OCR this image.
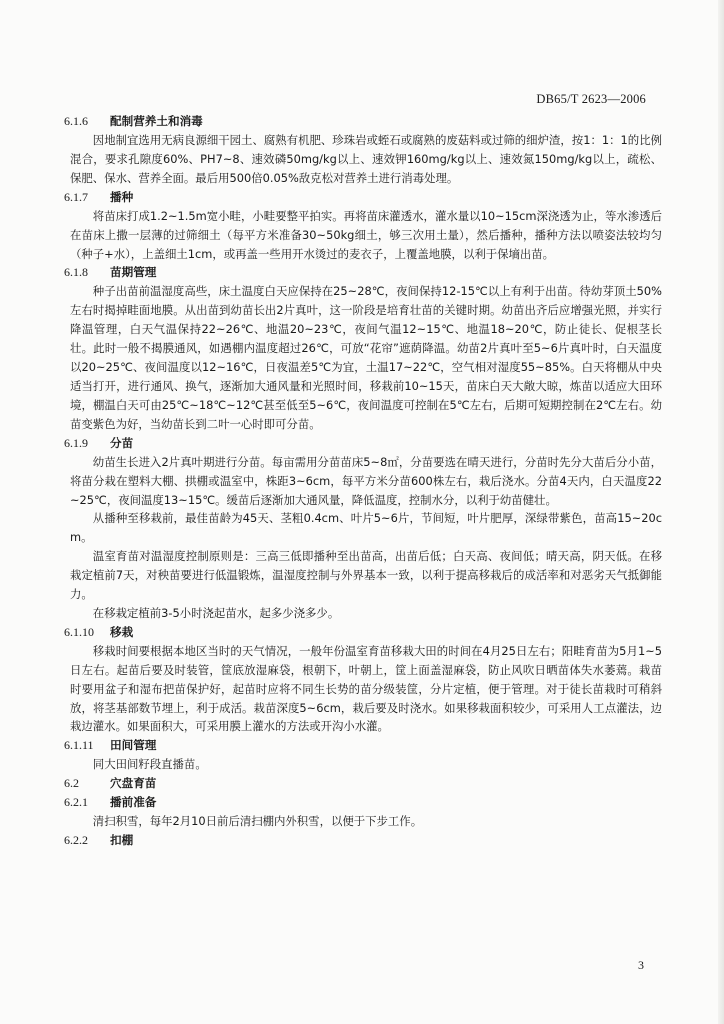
DB65/T 2623—2006
6.1.6 配制营养土和消毒

因地制宜选用无病良源细干园土、腐熟有机肥、珍珠岩或蛭石或腐熟的废菇料或过筛的细炉渣，按1：1：1的比例混合，要求孔隙度60%、PH7~8、速效磷50mg/kg以上、速效钾160mg/kg以上、速效氮150mg/kg以上，疏松、保肥、保水、营养全面。最后用500倍0.05%敌克松对营养土进行消毒处理。

6.1.7 播种

将苗床打成1.2~1.5m宽小畦，小畦要整平拍实。再将苗床灌透水，灌水量以10~15cm深浇透为止，等水渗透后在苗床上撒一层薄的过筛细土（每平方米准备30~50kg细土，够三次用土量），然后播种，播种方法以喷姿法较均匀（种子+水），上盖细土1cm，或再盖一些用开水烫过的麦衣子，上覆盖地膜，以利于保墒出苗。

6.1.8 苗期管理

种子出苗前温湿度高些，床土温度白天应保持在25~28℃，夜间保持12-15℃以上有利于出苗。待幼芽顶土50%左右时揭掉畦面地膜。从出苗到幼苗长出2片真叶，这一阶段是培育壮苗的关键时期。幼苗出齐后应增强光照，并实行降温管理，白天气温保持22~26℃、地温20~23℃，夜间气温12~15℃、地温18~20℃，防止徒长、促根茎长壮。此时一般不揭膜通风，如遇棚内温度超过26℃，可放“花帘”遮荫降温。幼苗2片真叶至5~6片真叶时，白天温度以20~25℃、夜间温度以12~16℃，日夜温差5℃为宜，土温17~22℃，空气相对湿度55~85%。白天将棚从中央适当打开，进行通风、换气，逐渐加大通风量和光照时间，移栽前10~15天，苗床白天大敞大晾，炼苗以适应大田环境，棚温白天可由25℃~18℃~12℃甚至低至5~6℃，夜间温度可控制在5℃左右，后期可短期控制在2℃左右。幼苗变紫色为好，当幼苗长到二叶一心时即可分苗。

6.1.9 分苗

幼苗生长进入2片真叶期进行分苗。每亩需用分苗苗床5~8㎡，分苗要选在晴天进行，分苗时先分大苗后分小苗，将苗分栽在塑料大棚、拱棚或温室中，株距3~6cm，每平方米分苗600株左右，栽后浇水。分苗4天内，白天温度22~25℃，夜间温度13~15℃。缓苗后逐渐加大通风量，降低温度，控制水分，以利于幼苗健壮。

从播种至移栽前，最佳苗龄为45天、茎粗0.4cm、叶片5~6片，节间短，叶片肥厚，深绿带紫色，苗高15~20cm。

温室育苗对温湿度控制原则是：三高三低即播种至出苗高，出苗后低；白天高、夜间低；晴天高，阴天低。在移栽定植前7天，对秧苗要进行低温锻炼，温湿度控制与外界基本一致，以利于提高移栽后的成活率和对恶劣天气抵御能力。

在移栽定植前3-5小时浇起苗水，起多少浇多少。

6.1.10 移栽

移栽时间要根据本地区当时的天气情况，一般年份温室育苗移栽大田的时间在4月25日左右；阳畦育苗为5月1~5日左右。起苗后要及时装管，筐底放湿麻袋，根朝下，叶朝上，筐上面盖湿麻袋，防止风吹日晒苗体失水萎蔫。栽苗时要用盆子和湿布把苗保护好，起苗时应将不同生长势的苗分级装筐，分片定植，便于管理。对于徒长苗栽时可稍斜放，将茎基部数节埋上，利于成活。栽苗深度5~6cm，栽后要及时浇水。如果移栽面积较少，可采用人工点灌法，边栽边灌水。如果面积大，可采用膜上灌水的方法或开沟小水灌。

6.1.11 田间管理

同大田间籽段直播苗。

6.2	穴盘育苗
6.2.1 播前准备

清扫积雪，每年2月10日前后清扫棚内外积雪，以便于下步工作。

6.2.2 扣棚
3
